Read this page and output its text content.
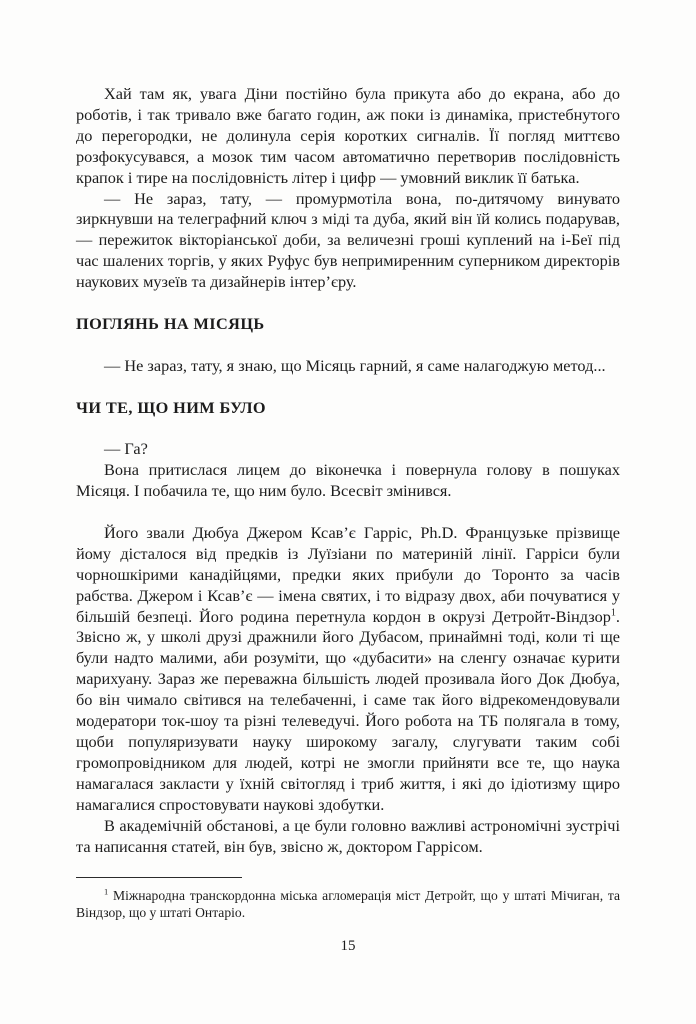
Хай там як, увага Діни постійно була прикута або до екрана, або до роботів, і так тривало вже багато годин, аж поки із динаміка, пристебнутого до перегородки, не долинула серія коротких сигналів. Її погляд миттєво розфокусувався, а мозок тим часом автоматично перетворив послідовність крапок і тире на послідовність літер і цифр — умовний виклик її батька.

— Не зараз, тату, — промурмотіла вона, по-дитячому винувато зиркнувши на телеграфний ключ з міді та дуба, який він їй колись подарував, — пережиток вікторіанської доби, за величезні гроші куплений на і-Беї під час шалених торгів, у яких Руфус був непримиренним суперником директорів наукових музеїв та дизайнерів інтер’єру.

ПОГЛЯНЬ НА МІСЯЦЬ

— Не зараз, тату, я знаю, що Місяць гарний, я саме налагоджую метод...

ЧИ ТЕ, ЩО НИМ БУЛО

— Га?

Вона притислася лицем до віконечка і повернула голову в пошуках Місяця. І побачила те, що ним було. Всесвіт змінився.

Його звали Дюбуа Джером Ксав’є Гарріс, Ph.D. Французьке прізвище йому дісталося від предків із Луїзіани по материній лінії. Гарріси були чорношкірими канадійцями, предки яких прибули до Торонто за часів рабства. Джером і Ксав’є — імена святих, і то відразу двох, аби почуватися у більшій безпеці. Його родина перетнула кордон в окрузі Детройт-Віндзор$^1$. Звісно ж, у школі друзі дражнили його Дубасом, принаймні тоді, коли ті ще були надто малими, аби розуміти, що «дубасити» на сленгу означає курити марихуану. Зараз же переважна більшість людей прозивала його Док Дюбуа, бо він чимало світився на телебаченні, і саме так його відрекомендовували модератори ток-шоу та різні телеведучі. Його робота на ТБ полягала в тому, щоби популяризувати науку широкому загалу, слугувати таким собі громопровідником для людей, котрі не змогли прийняти все те, що наука намагалася закласти у їхній світогляд і триб життя, і які до ідіотизму щиро намагалися спростовувати наукові здобутки.

В академічній обстанові, а це були головно важливі астрономічні зустрічі та написання статей, він був, звісно ж, доктором Гаррісом.

$^1$ Міжнародна транскордонна міська агломерація міст Детройт, що у штаті Мічиган, та Віндзор, що у штаті Онтаріо.

15
